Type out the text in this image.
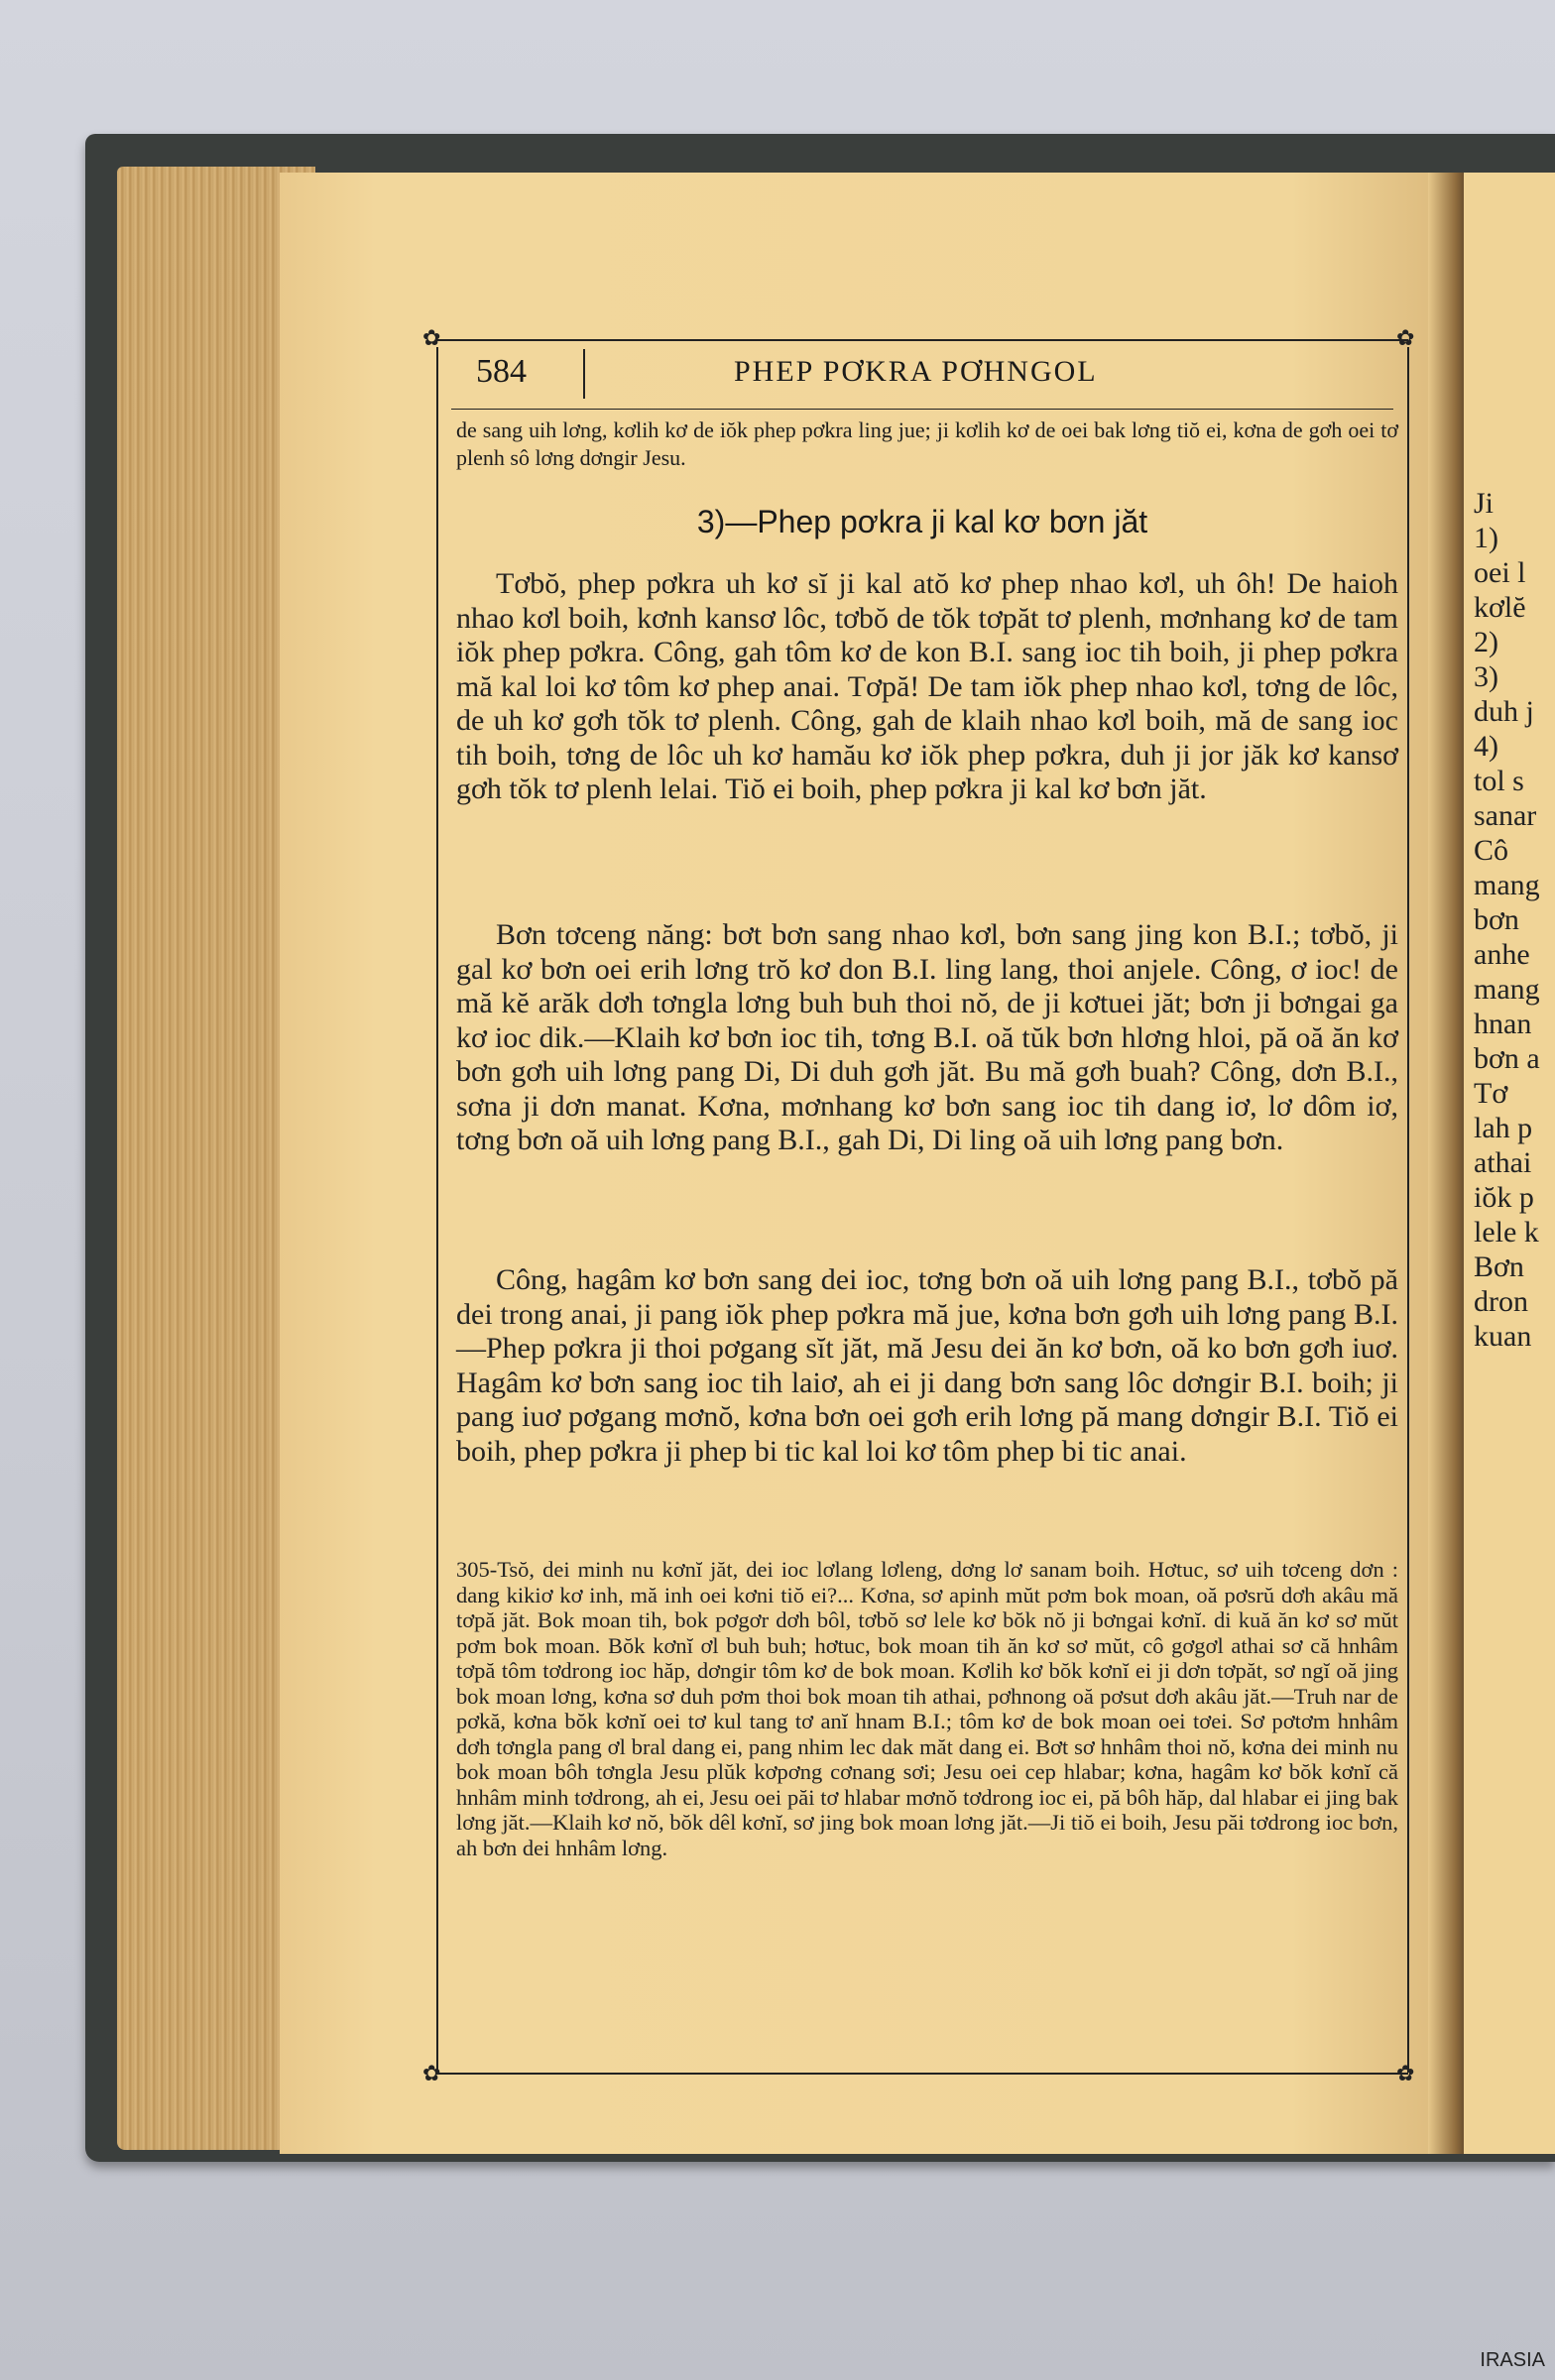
Ji
1)
oei l
kơlĕ
2)
3)
duh j
4)
tol s
sanar
Cô
mang
bơn
anhe
mang
hnan
bơn a
Tơ
lah p
athai
iŏk p
lele k
Bơn
dron
kuan
✿	✿
✿	✿
584	PHEP PƠKRA PƠHNGOL
de sang uih lơng, kơlih kơ de iŏk phep pơkra ling jue; ji kơlih kơ de oei bak lơng tiŏ ei, kơna de gơh oei tơ plenh sô lơng dơngir Jesu.
3)—Phep pơkra ji kal kơ bơn jăt
Tơbŏ, phep pơkra uh kơ sĭ ji kal atŏ kơ phep nhao kơl, uh ôh! De haioh nhao kơl boih, kơnh kansơ lôc, tơbŏ de tŏk tơpăt tơ plenh, mơnhang kơ de tam iŏk phep pơkra. Công, gah tôm kơ de kon B.I. sang ioc tih boih, ji phep pơkra mă kal loi kơ tôm kơ phep anai. Tơpă! De tam iŏk phep nhao kơl, tơng de lôc, de uh kơ gơh tŏk tơ plenh. Công, gah de klaih nhao kơl boih, mă de sang ioc tih boih, tơng de lôc uh kơ hamău kơ iŏk phep pơkra, duh ji jor jăk kơ kansơ gơh tŏk tơ plenh lelai. Tiŏ ei boih, phep pơkra ji kal kơ bơn jăt.
Bơn tơceng năng: bơt bơn sang nhao kơl, bơn sang jing kon B.I.; tơbŏ, ji gal kơ bơn oei erih lơng trŏ kơ don B.I. ling lang, thoi anjele. Công, ơ ioc! de mă kĕ arăk dơh tơngla lơng buh buh thoi nŏ, de ji kơtuei jăt; bơn ji bơngai ga kơ ioc dik.—Klaih kơ bơn ioc tih, tơng B.I. oă tŭk bơn hlơng hloi, pă oă ăn kơ bơn gơh uih lơng pang Di, Di duh gơh jăt. Bu mă gơh buah? Công, dơn B.I., sơna ji dơn manat. Kơna, mơnhang kơ bơn sang ioc tih dang iơ, lơ dôm iơ, tơng bơn oă uih lơng pang B.I., gah Di, Di ling oă uih lơng pang bơn.
Công, hagâm kơ bơn sang dei ioc, tơng bơn oă uih lơng pang B.I., tơbŏ pă dei trong anai, ji pang iŏk phep pơkra mă jue, kơna bơn gơh uih lơng pang B.I.—Phep pơkra ji thoi pơgang sĭt jăt, mă Jesu dei ăn kơ bơn, oă ko bơn gơh iuơ. Hagâm kơ bơn sang ioc tih laiơ, ah ei ji dang bơn sang lôc dơngir B.I. boih; ji pang iuơ pơgang mơnŏ, kơna bơn oei gơh erih lơng pă mang dơngir B.I. Tiŏ ei boih, phep pơkra ji phep bi tic kal loi kơ tôm phep bi tic anai.
305-Tsŏ, dei minh nu kơnĭ jăt, dei ioc lơlang lơleng, dơng lơ sanam boih. Hơtuc, sơ uih tơceng dơn : dang kikiơ kơ inh, mă inh oei kơni tiŏ ei?... Kơna, sơ apinh mŭt pơm bok moan, oă pơsrŭ dơh akâu mă tơpă jăt. Bok moan tih, bok pơgơr dơh bôl, tơbŏ sơ lele kơ bŏk nŏ ji bơngai kơnĭ. di kuă ăn kơ sơ mŭt pơm bok moan. Bŏk kơnĭ ơl buh buh; hơtuc, bok moan tih ăn kơ sơ mŭt, cô gơgơl athai sơ că hnhâm tơpă tôm tơdrong ioc hăp, dơngir tôm kơ de bok moan. Kơlih kơ bŏk kơnĭ ei ji dơn tơpăt, sơ ngĭ oă jing bok moan lơng, kơna sơ duh pơm thoi bok moan tih athai, pơhnong oă pơsut dơh akâu jăt.—Truh nar de pơkă, kơna bŏk kơnĭ oei tơ kul tang tơ anĭ hnam B.I.; tôm kơ de bok moan oei tơei. Sơ pơtơm hnhâm dơh tơngla pang ơl bral dang ei, pang nhim lec dak măt dang ei. Bơt sơ hnhâm thoi nŏ, kơna dei minh nu bok moan bôh tơngla Jesu plŭk kơpơng cơnang sơi; Jesu oei cep hlabar; kơna, hagâm kơ bŏk kơnĭ că hnhâm minh tơdrong, ah ei, Jesu oei păi tơ hlabar mơnŏ tơdrong ioc ei, pă bôh hăp, dal hlabar ei jing bak lơng jăt.—Klaih kơ nŏ, bŏk dêl kơnĭ, sơ jing bok moan lơng jăt.—Ji tiŏ ei boih, Jesu păi tơdrong ioc bơn, ah bơn dei hnhâm lơng.
IRASIA
